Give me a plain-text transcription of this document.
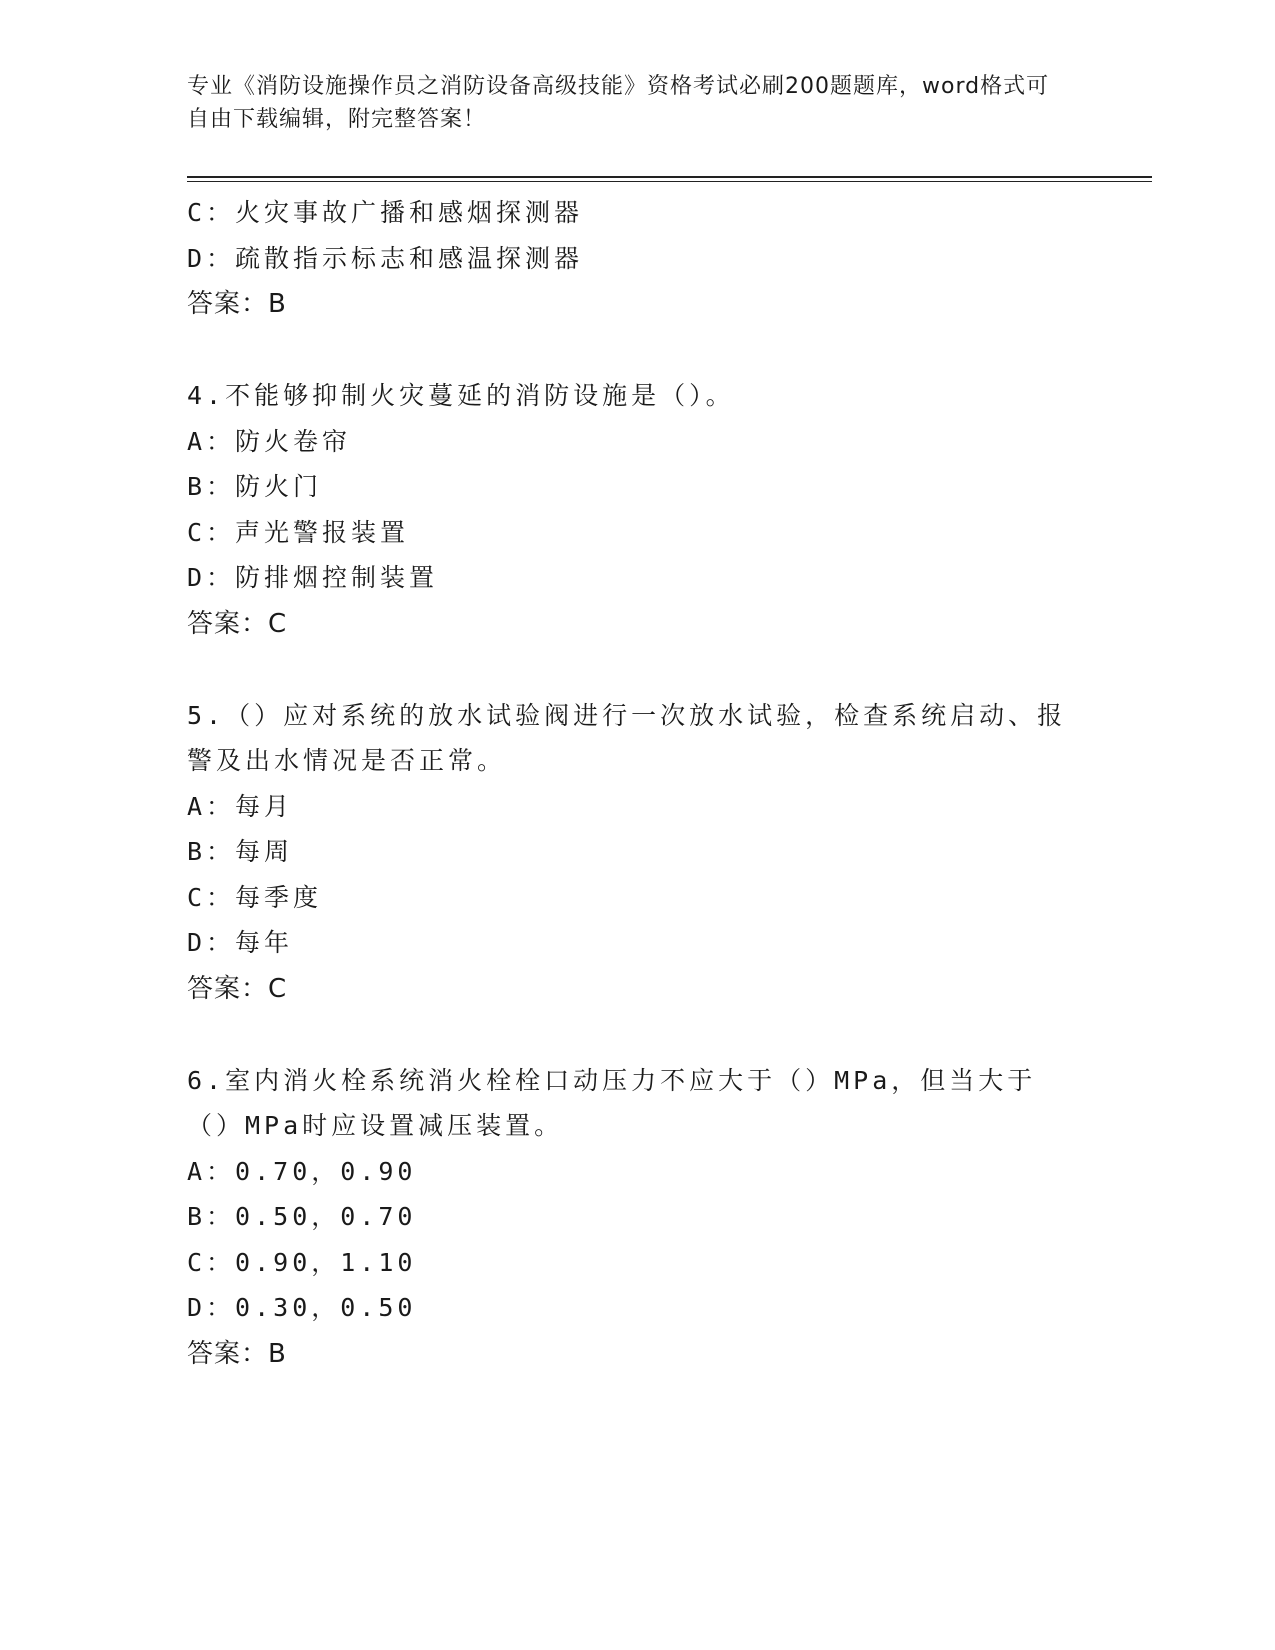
专业《消防设施操作员之消防设备高级技能》资格考试必刷200题题库，word格式可自由下载编辑，附完整答案！

C：火灾事故广播和感烟探测器

D：疏散指示标志和感温探测器

答案：B

4.不能够抑制火灾蔓延的消防设施是（）。

A：防火卷帘

B：防火门

C：声光警报装置

D：防排烟控制装置

答案：C

5.（）应对系统的放水试验阀进行一次放水试验，检查系统启动、报警及出水情况是否正常。

A：每月

B：每周

C：每季度

D：每年

答案：C

6.室内消火栓系统消火栓栓口动压力不应大于（）MPa，但当大于（）MPa时应设置减压装置。

A：0.70，0.90

B：0.50，0.70

C：0.90，1.10

D：0.30，0.50

答案：B
